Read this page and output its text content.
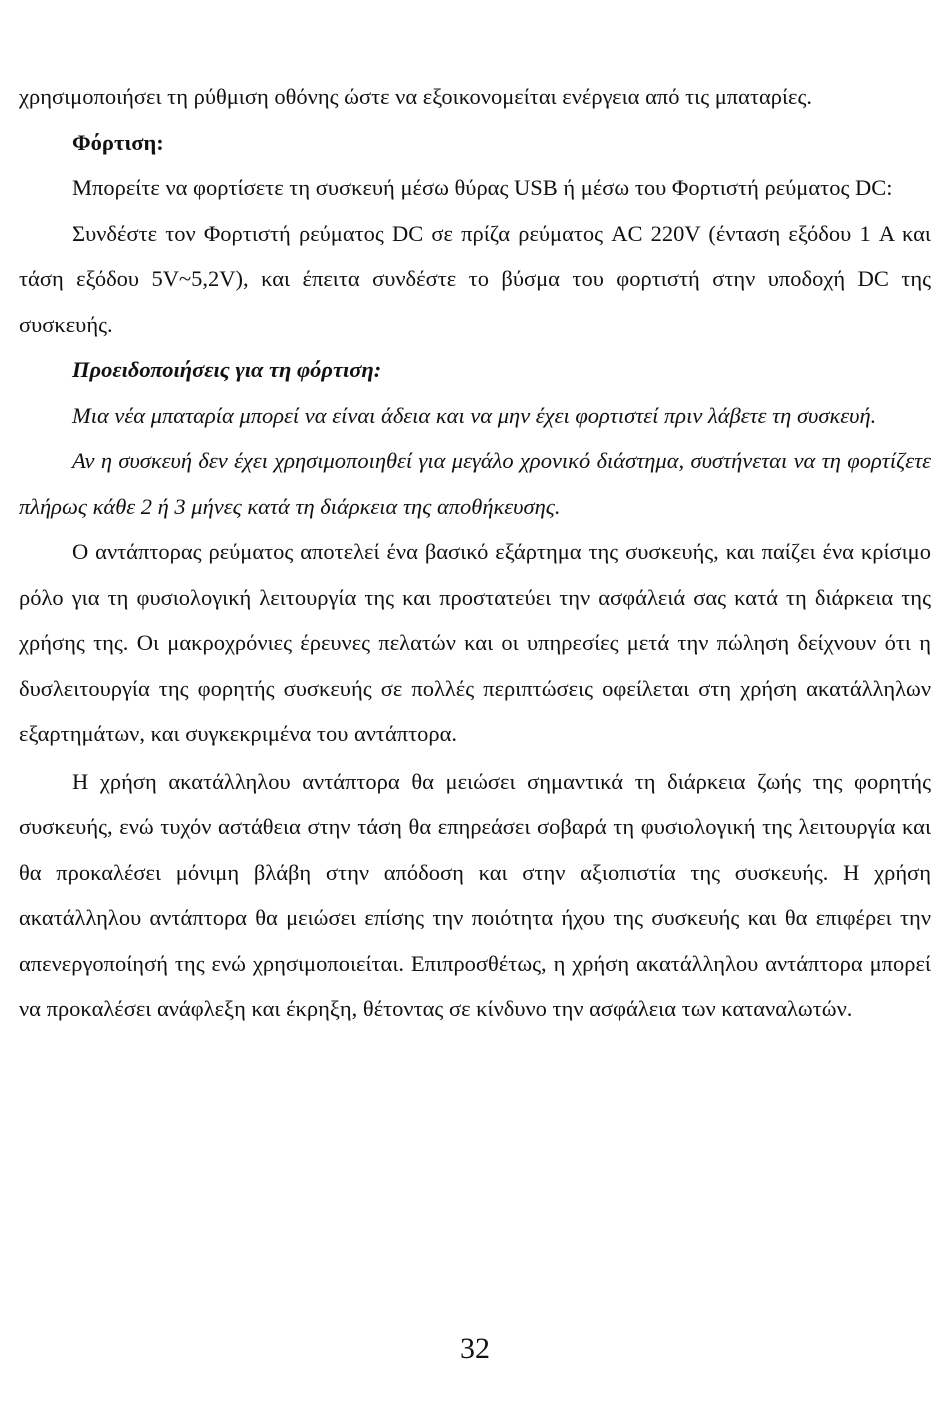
χρησιμοποιήσει τη ρύθμιση οθόνης ώστε να εξοικονομείται ενέργεια από τις μπαταρίες.

Φόρτιση:

Μπορείτε να φορτίσετε τη συσκευή μέσω θύρας USB ή μέσω του Φορτιστή ρεύματος DC:

Συνδέστε τον Φορτιστή ρεύματος DC σε πρίζα ρεύματος AC 220V (ένταση εξόδου 1 A και τάση εξόδου 5V~5,2V), και έπειτα συνδέστε το βύσμα του φορτιστή στην υποδοχή DC της συσκευής.

Προειδοποιήσεις για τη φόρτιση:

Μια νέα μπαταρία μπορεί να είναι άδεια και να μην έχει φορτιστεί πριν λάβετε τη συσκευή.

Αν η συσκευή δεν έχει χρησιμοποιηθεί για μεγάλο χρονικό διάστημα, συστήνεται να τη φορτίζετε πλήρως κάθε 2 ή 3 μήνες κατά τη διάρκεια της αποθήκευσης.

Ο αντάπτορας ρεύματος αποτελεί ένα βασικό εξάρτημα της συσκευής, και παίζει ένα κρίσιμο ρόλο για τη φυσιολογική λειτουργία της και προστατεύει την ασφάλειά σας κατά τη διάρκεια της χρήσης της. Οι μακροχρόνιες έρευνες πελατών και οι υπηρεσίες μετά την πώληση δείχνουν ότι η δυσλειτουργία της φορητής συσκευής σε πολλές περιπτώσεις οφείλεται στη χρήση ακατάλληλων εξαρτημάτων, και συγκεκριμένα του αντάπτορα.

Η χρήση ακατάλληλου αντάπτορα θα μειώσει σημαντικά τη διάρκεια ζωής της φορητής συσκευής, ενώ τυχόν αστάθεια στην τάση θα επηρεάσει σοβαρά τη φυσιολογική της λειτουργία και θα προκαλέσει μόνιμη βλάβη στην απόδοση και στην αξιοπιστία της συσκευής. Η χρήση ακατάλληλου αντάπτορα θα μειώσει επίσης την ποιότητα ήχου της συσκευής και θα επιφέρει την απενεργοποίησή της ενώ χρησιμοποιείται. Επιπροσθέτως, η χρήση ακατάλληλου αντάπτορα μπορεί να προκαλέσει ανάφλεξη και έκρηξη, θέτοντας σε κίνδυνο την ασφάλεια των καταναλωτών.

32
